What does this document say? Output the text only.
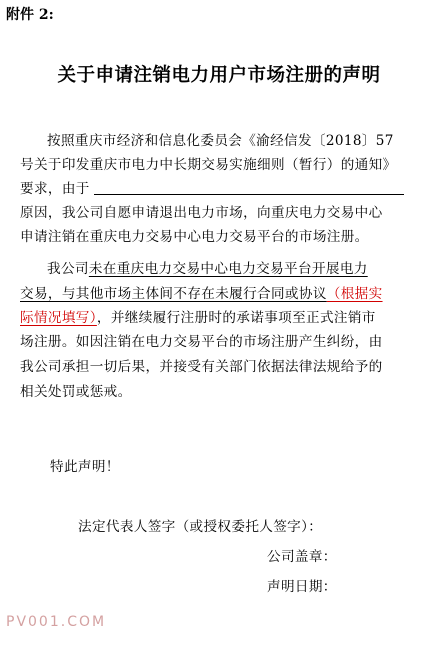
附件 2:
关于申请注销电力用户市场注册的声明
按照重庆市经济和信息化委员会《渝经信发〔2018〕57
号关于印发重庆市电力中长期交易实施细则（暂行）的通知》
要求，由于
原因，我公司自愿申请退出电力市场，向重庆电力交易中心
申请注销在重庆电力交易中心电力交易平台的市场注册。
我公司未在重庆电力交易中心电力交易平台开展电力
交易，与其他市场主体间不存在未履行合同或协议（根据实
际情况填写），并继续履行注册时的承诺事项至正式注销市
场注册。如因注销在电力交易平台的市场注册产生纠纷，由
我公司承担一切后果，并接受有关部门依据法律法规给予的
相关处罚或惩戒。
特此声明！
法定代表人签字（或授权委托人签字）：
公司盖章：
声明日期：
PV001.COM
